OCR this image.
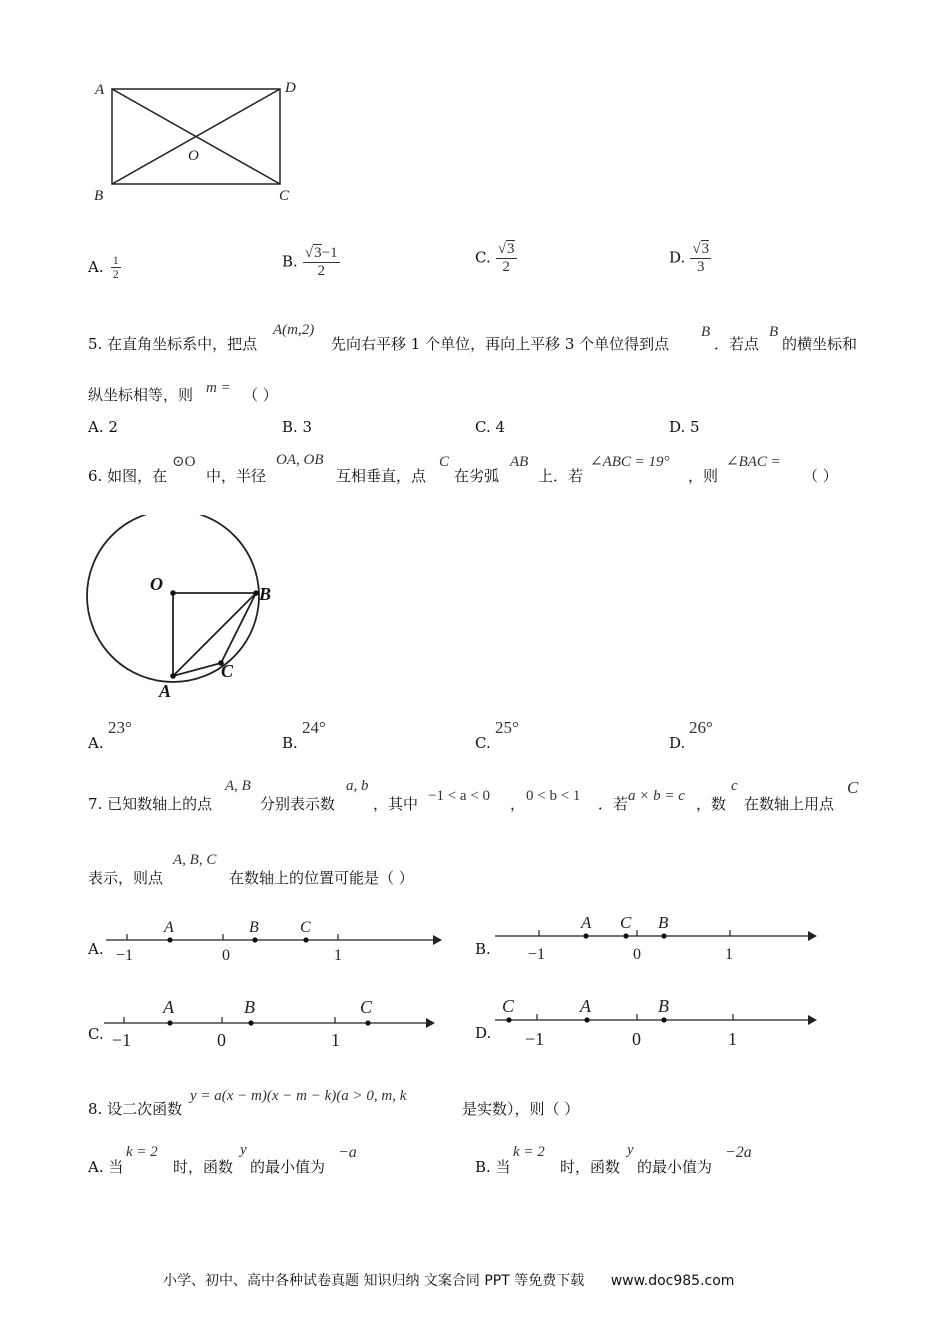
A	D
O
B	C
A. $\frac{1}{2}$	B. $\frac{√3-1}{2}$	C. $\frac{√3}{2}$	D. $\frac{√3}{3}$
5. 在直角坐标系中，把点
A(m,2)
先向右平移 1 个单位，再向上平移 3 个单位得到点
B
．若点
B
的横坐标和
纵坐标相等，则 m = （ ）
A. 2	B. 3	C. 4	D. 5
6. 如图，在
⊙O
中，半径
OA, OB
互相垂直，点
C
在劣弧
AB
上．若
∠ABC = 19°
，则
∠BAC =
（ ）
O	B
C
A
A.
23°
B.
24°
C.
25°
D.
26°
7. 已知数轴上的点
A, B
分别表示数
a, b
，其中 −1 < a < 0 ， 0 < b < 1 ．若 a × b = c ，数
c
在数轴上用点
C
表示，则点
A, B, C
在数轴上的位置可能是（ ）
A. −1	0	1
A	B	C
B. −1	0	1
A C B
C. −1	0	1
A	B	C
D. −1	0	1
C	A	B
8. 设二次函数
y = a(x − m)(x − m − k)(a > 0, m, k
是实数），则（ ）
A. 当
k = 2
时，函数
y
的最小值为
−a
B. 当
k = 2
时，函数
y
的最小值为
−2a
小学、初中、高中各种试卷真题 知识归纳 文案合同 PPT 等免费下载 www.doc985.com
